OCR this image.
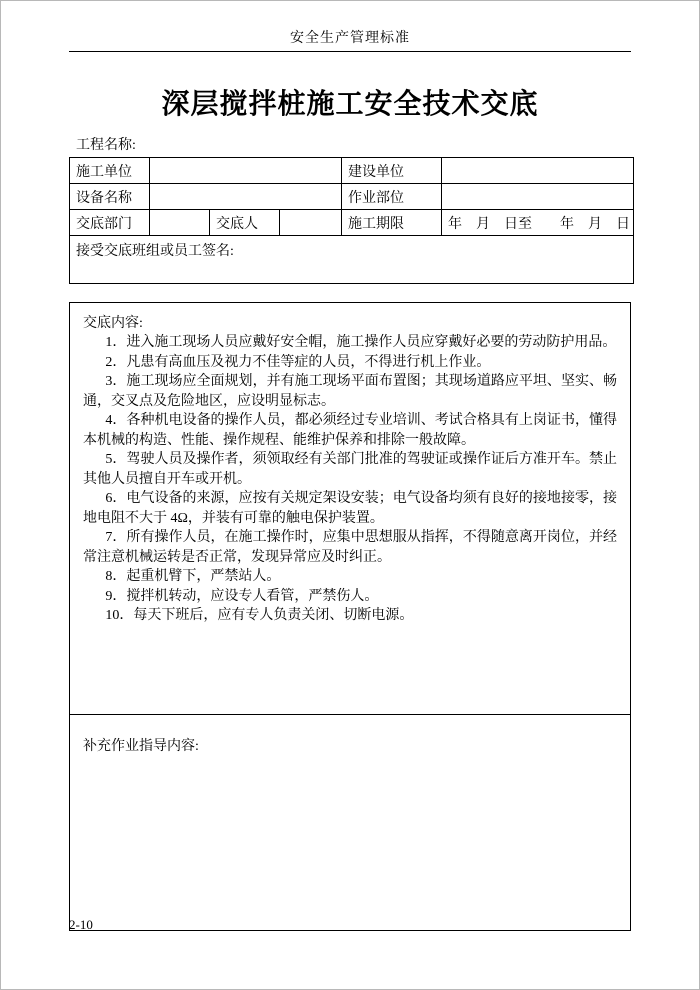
安全生产管理标准
深层搅拌桩施工安全技术交底
工程名称:
施工单位				建设单位	
设备名称				作业部位	
交底部门		交底人		施工期限	年　月　日至　　年　月　日
接受交底班组或员工签名:					
交底内容:

1．进入施工现场人员应戴好安全帽，施工操作人员应穿戴好必要的劳动防护用品。

2．凡患有高血压及视力不佳等症的人员，不得进行机上作业。

3．施工现场应全面规划，并有施工现场平面布置图；其现场道路应平坦、坚实、畅通，交叉点及危险地区，应设明显标志。

4．各种机电设备的操作人员，都必须经过专业培训、考试合格具有上岗证书，懂得本机械的构造、性能、操作规程、能维护保养和排除一般故障。

5．驾驶人员及操作者，须领取经有关部门批准的驾驶证或操作证后方准开车。禁止其他人员擅自开车或开机。

6．电气设备的来源，应按有关规定架设安装；电气设备均须有良好的接地接零，接地电阻不大于 4Ω，并装有可靠的触电保护装置。

7．所有操作人员，在施工操作时，应集中思想服从指挥，不得随意离开岗位，并经常注意机械运转是否正常，发现异常应及时纠正。

8．起重机臂下，严禁站人。

9．搅拌机转动，应设专人看管，严禁伤人。

10．每天下班后，应有专人负责关闭、切断电源。

补充作业指导内容:
2-10
